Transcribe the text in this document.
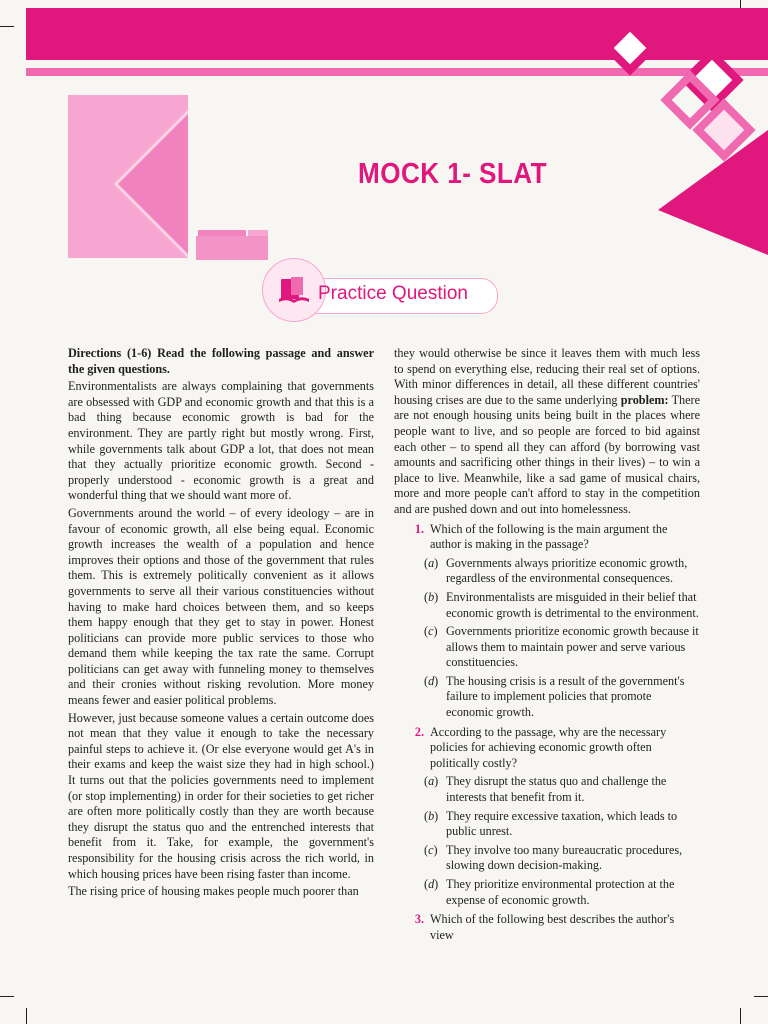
MOCK 1- SLAT
Practice Question

Directions (1-6) Read the following passage and answer the given questions.

Environmentalists are always complaining that governments are obsessed with GDP and economic growth and that this is a bad thing because economic growth is bad for the environment. They are partly right but mostly wrong. First, while governments talk about GDP a lot, that does not mean that they actually prioritize economic growth. Second - properly understood - economic growth is a great and wonderful thing that we should want more of.

Governments around the world – of every ideology – are in favour of economic growth, all else being equal. Economic growth increases the wealth of a population and hence improves their options and those of the government that rules them. This is extremely politically convenient as it allows governments to serve all their various constituencies without having to make hard choices between them, and so keeps them happy enough that they get to stay in power. Honest politicians can provide more public services to those who demand them while keeping the tax rate the same. Corrupt politicians can get away with funneling money to themselves and their cronies without risking revolution. More money means fewer and easier political problems.

However, just because someone values a certain outcome does not mean that they value it enough to take the necessary painful steps to achieve it. (Or else everyone would get A's in their exams and keep the waist size they had in high school.) It turns out that the policies governments need to implement (or stop implementing) in order for their societies to get richer are often more politically costly than they are worth because they disrupt the status quo and the entrenched interests that benefit from it. Take, for example, the government's responsibility for the housing crisis across the rich world, in which housing prices have been rising faster than income.

The rising price of housing makes people much poorer than

they would otherwise be since it leaves them with much less to spend on everything else, reducing their real set of options. With minor differences in detail, all these different countries' housing crises are due to the same underlying problem: There are not enough housing units being built in the places where people want to live, and so people are forced to bid against each other – to spend all they can afford (by borrowing vast amounts and sacrificing other things in their lives) – to win a place to live. Meanwhile, like a sad game of musical chairs, more and more people can't afford to stay in the competition and are pushed down and out into homelessness.

1. Which of the following is the main argument the author is making in the passage?
(a) Governments always prioritize economic growth, regardless of the environmental consequences.
(b) Environmentalists are misguided in their belief that economic growth is detrimental to the environment.
(c) Governments prioritize economic growth because it allows them to maintain power and serve various constituencies.
(d) The housing crisis is a result of the government's failure to implement policies that promote economic growth.
2. According to the passage, why are the necessary policies for achieving economic growth often politically costly?
(a) They disrupt the status quo and challenge the interests that benefit from it.
(b) They require excessive taxation, which leads to public unrest.
(c) They involve too many bureaucratic procedures, slowing down decision-making.
(d) They prioritize environmental protection at the expense of economic growth.
3. Which of the following best describes the author's view
